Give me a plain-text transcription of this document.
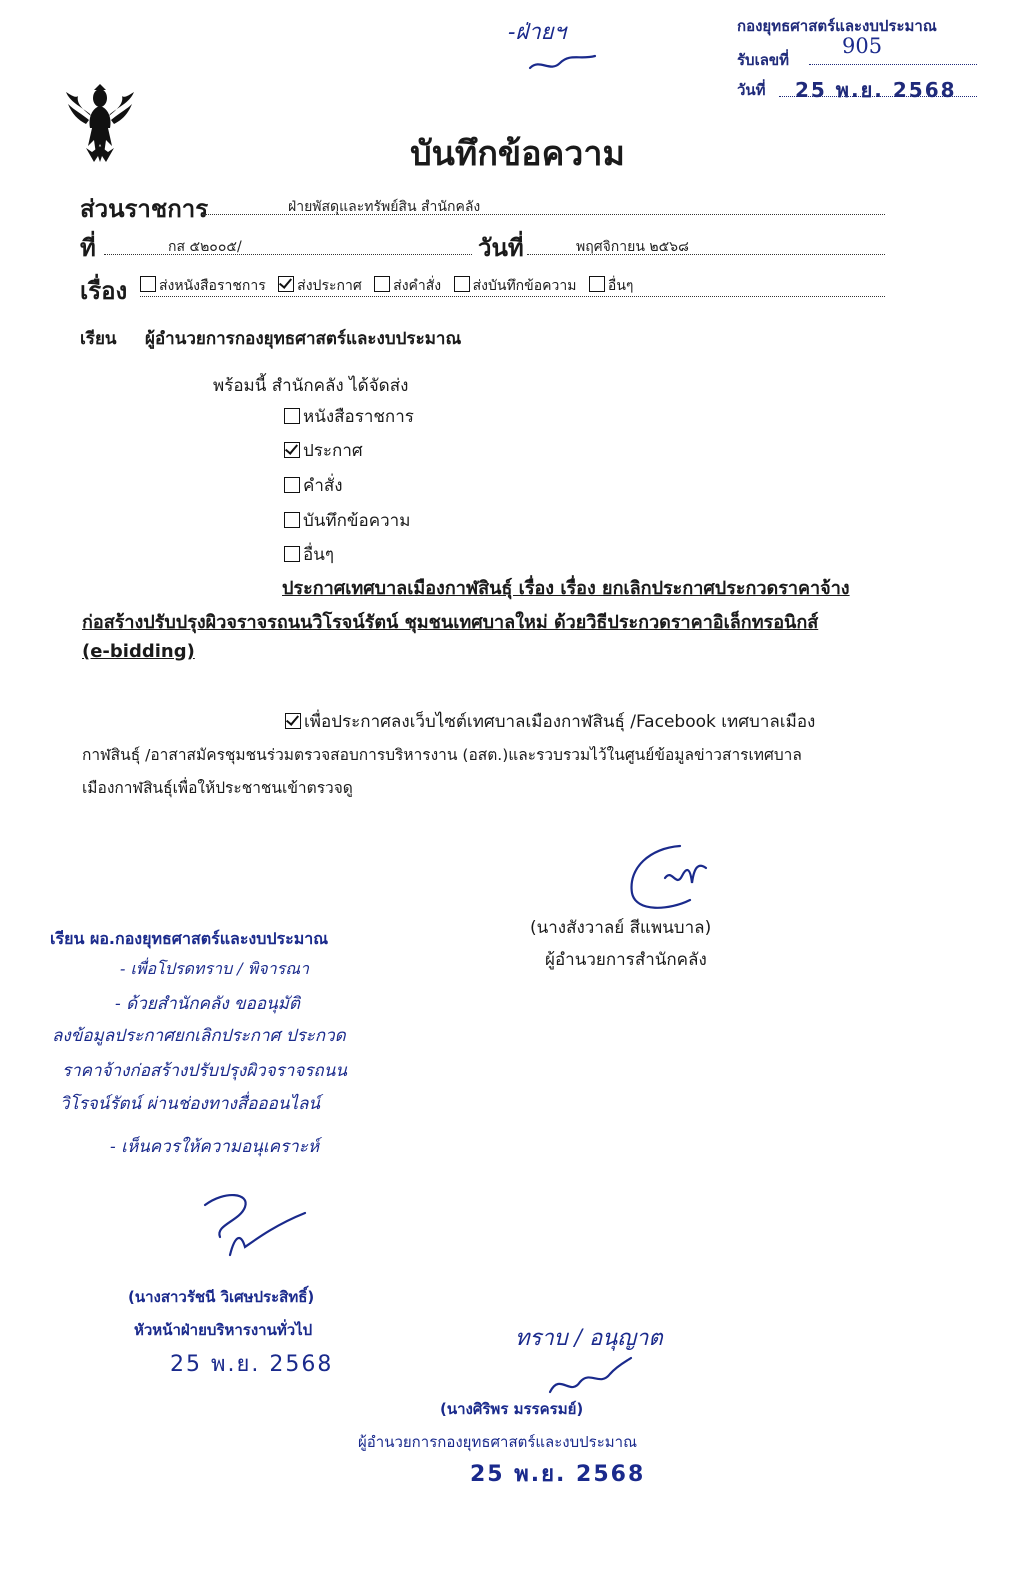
-ฝ่ายฯ	กองยุทธศาสตร์และงบประมาณ
รับเลขที่
905
วันที่ 25 พ.ย. 2568
บันทึกข้อความ
ส่วนราชการ	ฝ่ายพัสดุและทรัพย์สิน สำนักคลัง
ที่	กส ๕๒๐๐๕/	วันที่	พฤศจิกายน ๒๕๖๘
เรื่อง	ส่งหนังสือราชการ ส่งประกาศ ส่งคำสั่ง ส่งบันทึกข้อความ อื่นๆ
เรียน ผู้อำนวยการกองยุทธศาสตร์และงบประมาณ
พร้อมนี้ สำนักคลัง ได้จัดส่ง
หนังสือราชการ
ประกาศ
คำสั่ง
บันทึกข้อความ
อื่นๆ
ประกาศเทศบาลเมืองกาฬสินธุ์ เรื่อง เรื่อง ยกเลิกประกาศประกวดราคาจ้าง
ก่อสร้างปรับปรุงผิวจราจรถนนวิโรจน์รัตน์ ชุมชนเทศบาลใหม่ ด้วยวิธีประกวดราคาอิเล็กทรอนิกส์
(e-bidding)
เพื่อประกาศลงเว็บไซต์เทศบาลเมืองกาฬสินธุ์ /Facebook เทศบาลเมือง
กาฬสินธุ์ /อาสาสมัครชุมชนร่วมตรวจสอบการบริหารงาน (อสต.)และรวบรวมไว้ในศูนย์ข้อมูลข่าวสารเทศบาล
เมืองกาฬสินธุ์เพื่อให้ประชาชนเข้าตรวจดู
(นางสังวาลย์ สีแพนบาล)
ผู้อำนวยการสำนักคลัง
เรียน ผอ.กองยุทธศาสตร์และงบประมาณ
- เพื่อโปรดทราบ / พิจารณา
- ด้วยสำนักคลัง ขออนุมัติ
ลงข้อมูลประกาศยกเลิกประกาศ ประกวด
ราคาจ้างก่อสร้างปรับปรุงผิวจราจรถนน
วิโรจน์รัตน์ ผ่านช่องทางสื่อออนไลน์
- เห็นควรให้ความอนุเคราะห์
(นางสาวรัชนี วิเศษประสิทธิ์)
หัวหน้าฝ่ายบริหารงานทั่วไป
25 พ.ย. 2568
ทราบ / อนุญาต
(นางศิริพร มรรครมย์)
ผู้อำนวยการกองยุทธศาสตร์และงบประมาณ
25 พ.ย. 2568
